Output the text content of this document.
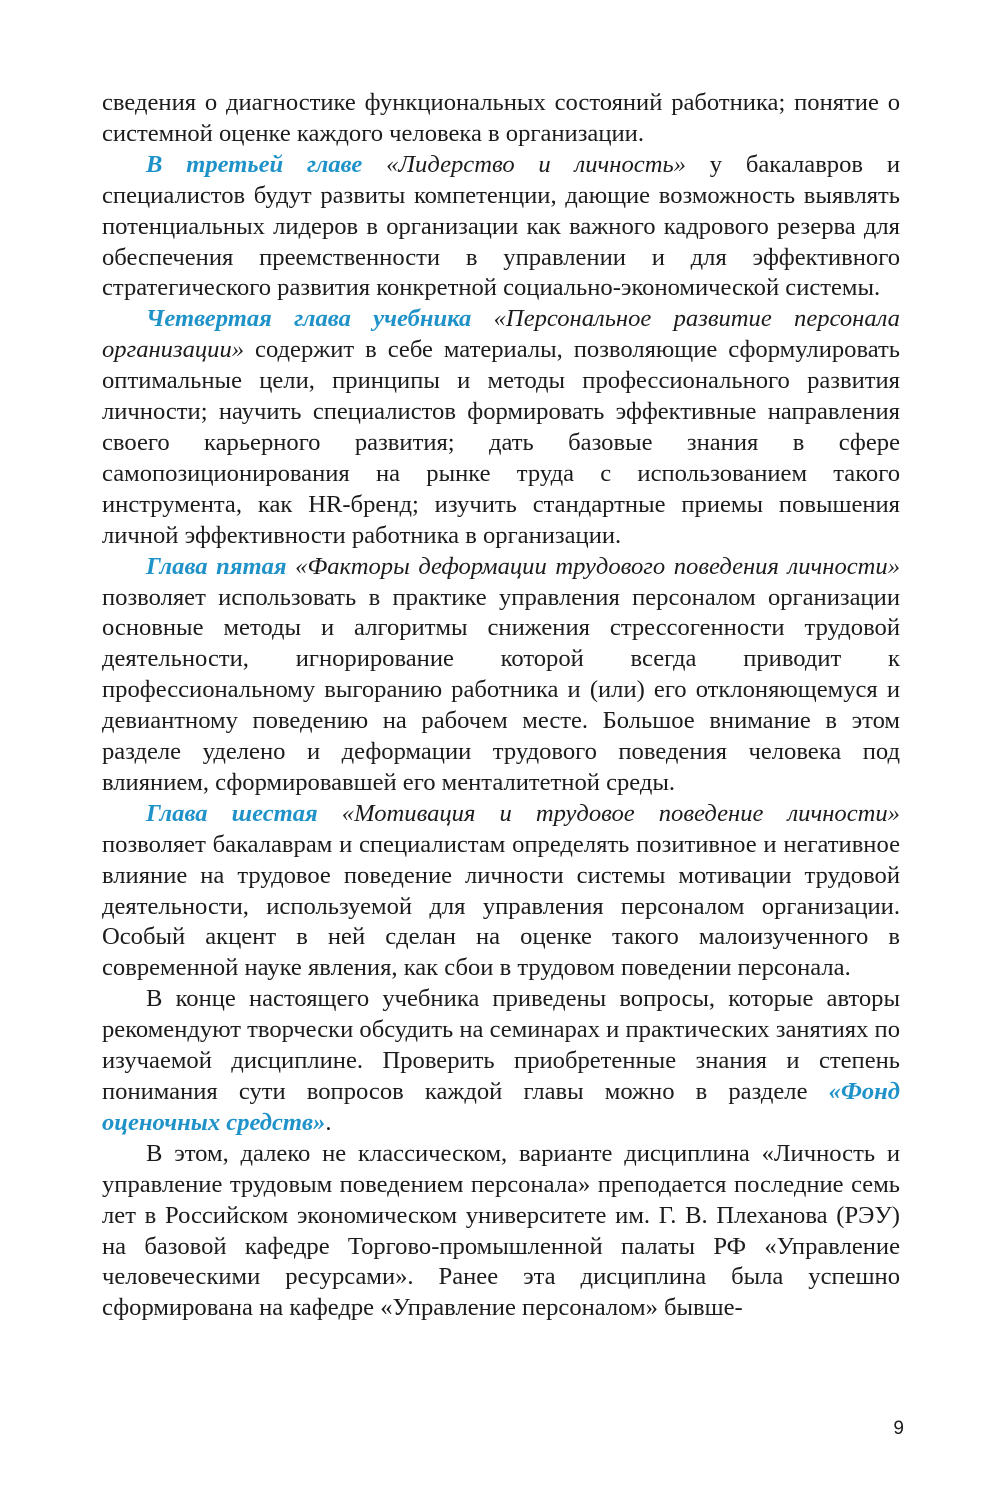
сведения о диагностике функциональных состояний работника; понятие о системной оценке каждого человека в организации.

В третьей главе «Лидерство и личность» у бакалавров и специалистов будут развиты компетенции, дающие возможность выявлять потенциальных лидеров в организации как важного кадрового резерва для обеспечения преемственности в управлении и для эффективного стратегического развития конкретной социально-экономической системы.

Четвертая глава учебника «Персональное развитие персонала организации» содержит в себе материалы, позволяющие сформулировать оптимальные цели, принципы и методы профессионального развития личности; научить специалистов формировать эффективные направления своего карьерного развития; дать базовые знания в сфере самопозиционирования на рынке труда с использованием такого инструмента, как HR-бренд; изучить стандартные приемы повышения личной эффективности работника в организации.

Глава пятая «Факторы деформации трудового поведения личности» позволяет использовать в практике управления персоналом организации основные методы и алгоритмы снижения стрессогенности трудовой деятельности, игнорирование которой всегда приводит к профессиональному выгоранию работника и (или) его отклоняющемуся и девиантному поведению на рабочем месте. Большое внимание в этом разделе уделено и деформации трудового поведения человека под влиянием, сформировавшей его менталитетной среды.

Глава шестая «Мотивация и трудовое поведение личности» позволяет бакалаврам и специалистам определять позитивное и негативное влияние на трудовое поведение личности системы мотивации трудовой деятельности, используемой для управления персоналом организации. Особый акцент в ней сделан на оценке такого малоизученного в современной науке явления, как сбои в трудовом поведении персонала.

В конце настоящего учебника приведены вопросы, которые авторы рекомендуют творчески обсудить на семинарах и практических занятиях по изучаемой дисциплине. Проверить приобретенные знания и степень понимания сути вопросов каждой главы можно в разделе «Фонд оценочных средств».

В этом, далеко не классическом, варианте дисциплина «Личность и управление трудовым поведением персонала» преподается последние семь лет в Российском экономическом университете им. Г. В. Плеханова (РЭУ) на базовой кафедре Торгово-промышленной палаты РФ «Управление человеческими ресурсами». Ранее эта дисциплина была успешно сформирована на кафедре «Управление персоналом» бывше-

9
